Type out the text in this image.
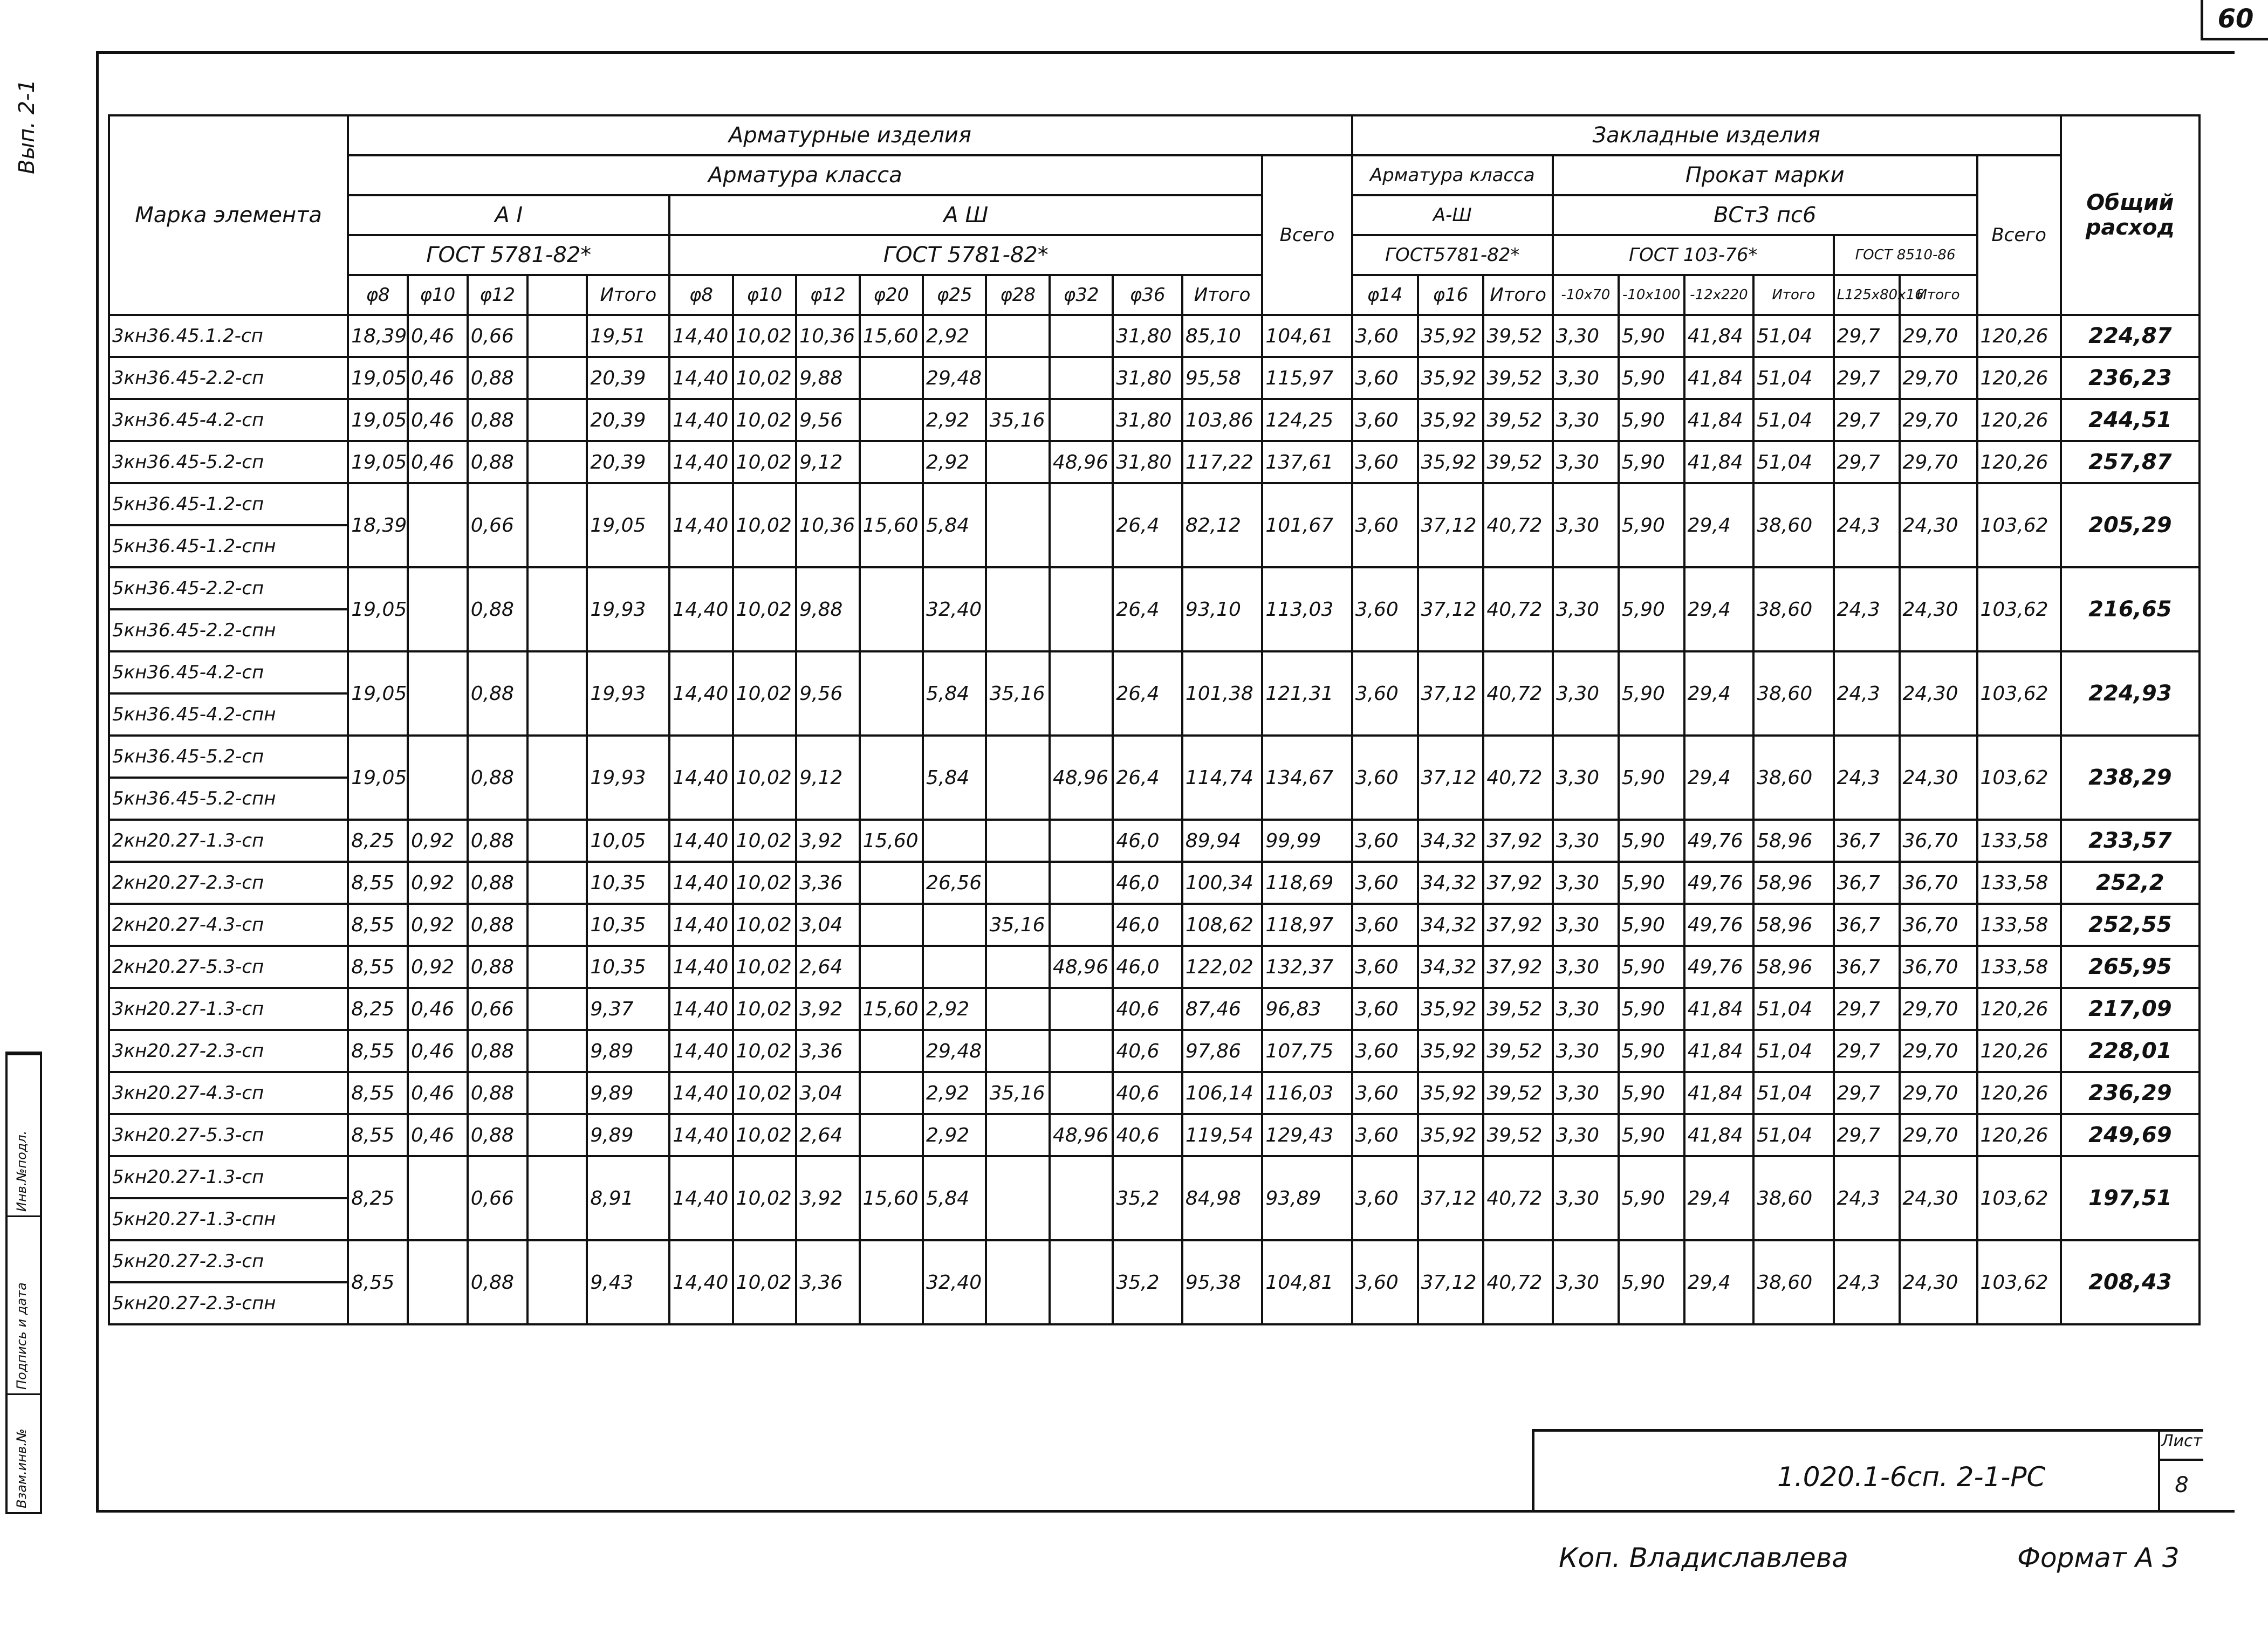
60
Вып. 2-1
Инв.№подл.
Подпись и дата
Взам.инв.№
Марка элемента	Арматурные изделия															Закладные изделия										Общий расход
	Арматура класса														Всего	Арматура класса			Прокат марки						Всего	
	А I					А Ш										А-Ш			ВСт3 пс6							
	ГОСТ 5781-82*					ГОСТ 5781-82*										ГОСТ5781-82*			ГОСТ 103-76*				ГОСТ 8510-86			
	φ8	φ10	φ12		Итого	φ8	φ10	φ12	φ20	φ25	φ28	φ32	φ36	Итого		φ14	φ16	Итого	-10х70	-10х100	-12х220	Итого	L125х80х16	Итого		
3кн36.45.1.2-сп	18,39	0,46	0,66		19,51	14,40	10,02	10,36	15,60	2,92			31,80	85,10	104,61	3,60	35,92	39,52	3,30	5,90	41,84	51,04	29,7	29,70	120,26	224,87
3кн36.45-2.2-сп	19,05	0,46	0,88		20,39	14,40	10,02	9,88		29,48			31,80	95,58	115,97	3,60	35,92	39,52	3,30	5,90	41,84	51,04	29,7	29,70	120,26	236,23
3кн36.45-4.2-сп	19,05	0,46	0,88		20,39	14,40	10,02	9,56		2,92	35,16		31,80	103,86	124,25	3,60	35,92	39,52	3,30	5,90	41,84	51,04	29,7	29,70	120,26	244,51
3кн36.45-5.2-сп	19,05	0,46	0,88		20,39	14,40	10,02	9,12		2,92		48,96	31,80	117,22	137,61	3,60	35,92	39,52	3,30	5,90	41,84	51,04	29,7	29,70	120,26	257,87
5кн36.45-1.2-сп	18,39		0,66		19,05	14,40	10,02	10,36	15,60	5,84			26,4	82,12	101,67	3,60	37,12	40,72	3,30	5,90	29,4	38,60	24,3	24,30	103,62	205,29
5кн36.45-1.2-спн																										
5кн36.45-2.2-сп	19,05		0,88		19,93	14,40	10,02	9,88		32,40			26,4	93,10	113,03	3,60	37,12	40,72	3,30	5,90	29,4	38,60	24,3	24,30	103,62	216,65
5кн36.45-2.2-спн																										
5кн36.45-4.2-сп	19,05		0,88		19,93	14,40	10,02	9,56		5,84	35,16		26,4	101,38	121,31	3,60	37,12	40,72	3,30	5,90	29,4	38,60	24,3	24,30	103,62	224,93
5кн36.45-4.2-спн																										
5кн36.45-5.2-сп	19,05		0,88		19,93	14,40	10,02	9,12		5,84		48,96	26,4	114,74	134,67	3,60	37,12	40,72	3,30	5,90	29,4	38,60	24,3	24,30	103,62	238,29
5кн36.45-5.2-спн																										
2кн20.27-1.3-сп	8,25	0,92	0,88		10,05	14,40	10,02	3,92	15,60				46,0	89,94	99,99	3,60	34,32	37,92	3,30	5,90	49,76	58,96	36,7	36,70	133,58	233,57
2кн20.27-2.3-сп	8,55	0,92	0,88		10,35	14,40	10,02	3,36		26,56			46,0	100,34	118,69	3,60	34,32	37,92	3,30	5,90	49,76	58,96	36,7	36,70	133,58	252,2
2кн20.27-4.3-сп	8,55	0,92	0,88		10,35	14,40	10,02	3,04			35,16		46,0	108,62	118,97	3,60	34,32	37,92	3,30	5,90	49,76	58,96	36,7	36,70	133,58	252,55
2кн20.27-5.3-сп	8,55	0,92	0,88		10,35	14,40	10,02	2,64				48,96	46,0	122,02	132,37	3,60	34,32	37,92	3,30	5,90	49,76	58,96	36,7	36,70	133,58	265,95
3кн20.27-1.3-сп	8,25	0,46	0,66		9,37	14,40	10,02	3,92	15,60	2,92			40,6	87,46	96,83	3,60	35,92	39,52	3,30	5,90	41,84	51,04	29,7	29,70	120,26	217,09
3кн20.27-2.3-сп	8,55	0,46	0,88		9,89	14,40	10,02	3,36		29,48			40,6	97,86	107,75	3,60	35,92	39,52	3,30	5,90	41,84	51,04	29,7	29,70	120,26	228,01
3кн20.27-4.3-сп	8,55	0,46	0,88		9,89	14,40	10,02	3,04		2,92	35,16		40,6	106,14	116,03	3,60	35,92	39,52	3,30	5,90	41,84	51,04	29,7	29,70	120,26	236,29
3кн20.27-5.3-сп	8,55	0,46	0,88		9,89	14,40	10,02	2,64		2,92		48,96	40,6	119,54	129,43	3,60	35,92	39,52	3,30	5,90	41,84	51,04	29,7	29,70	120,26	249,69
5кн20.27-1.3-сп	8,25		0,66		8,91	14,40	10,02	3,92	15,60	5,84			35,2	84,98	93,89	3,60	37,12	40,72	3,30	5,90	29,4	38,60	24,3	24,30	103,62	197,51
5кн20.27-1.3-спн																										
5кн20.27-2.3-сп	8,55		0,88		9,43	14,40	10,02	3,36		32,40			35,2	95,38	104,81	3,60	37,12	40,72	3,30	5,90	29,4	38,60	24,3	24,30	103,62	208,43
5кн20.27-2.3-спн																										
1.020.1-6сп. 2-1-РС
Лист
8
Коп. Владиславлева	Формат А 3
